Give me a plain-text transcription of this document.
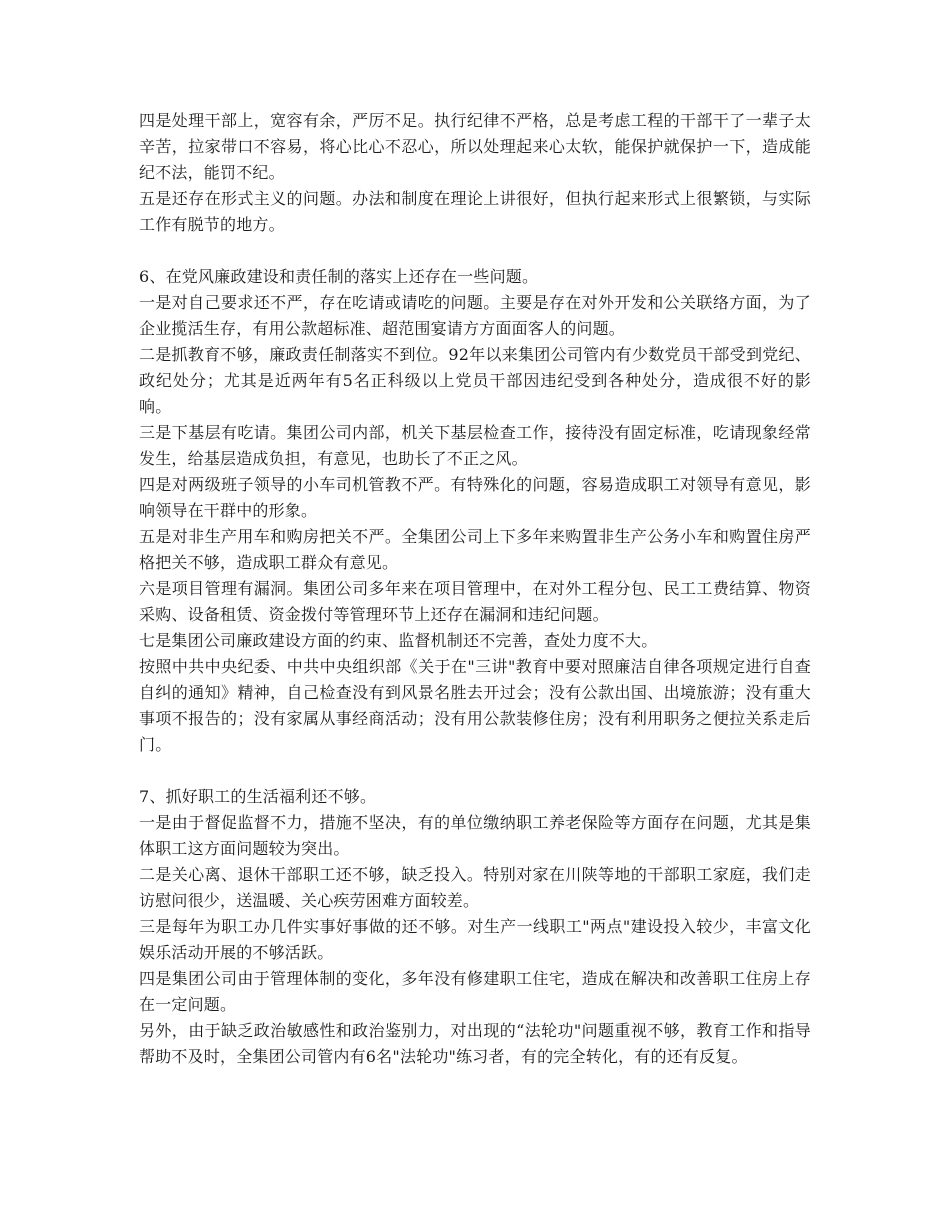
四是处理干部上，宽容有余，严厉不足。执行纪律不严格，总是考虑工程的干部干了一辈子太辛苦，拉家带口不容易，将心比心不忍心，所以处理起来心太软，能保护就保护一下，造成能纪不法，能罚不纪。

五是还存在形式主义的问题。办法和制度在理论上讲很好，但执行起来形式上很繁锁，与实际工作有脱节的地方。

6、在党风廉政建设和责任制的落实上还存在一些问题。

一是对自己要求还不严，存在吃请或请吃的问题。主要是存在对外开发和公关联络方面，为了企业揽活生存，有用公款超标准、超范围宴请方方面面客人的问题。

二是抓教育不够，廉政责任制落实不到位。92年以来集团公司管内有少数党员干部受到党纪、政纪处分；尤其是近两年有5名正科级以上党员干部因违纪受到各种处分，造成很不好的影响。

三是下基层有吃请。集团公司内部，机关下基层检查工作，接待没有固定标准，吃请现象经常发生，给基层造成负担，有意见，也助长了不正之风。

四是对两级班子领导的小车司机管教不严。有特殊化的问题，容易造成职工对领导有意见，影响领导在干群中的形象。

五是对非生产用车和购房把关不严。全集团公司上下多年来购置非生产公务小车和购置住房严格把关不够，造成职工群众有意见。

六是项目管理有漏洞。集团公司多年来在项目管理中，在对外工程分包、民工工费结算、物资采购、设备租赁、资金拨付等管理环节上还存在漏洞和违纪问题。

七是集团公司廉政建设方面的约束、监督机制还不完善，查处力度不大。

按照中共中央纪委、中共中央组织部《关于在"三讲"教育中要对照廉洁自律各项规定进行自查自纠的通知》精神，自己检查没有到风景名胜去开过会；没有公款出国、出境旅游；没有重大事项不报告的；没有家属从事经商活动；没有用公款装修住房；没有利用职务之便拉关系走后门。

7、抓好职工的生活福利还不够。

一是由于督促监督不力，措施不坚决，有的单位缴纳职工养老保险等方面存在问题，尤其是集体职工这方面问题较为突出。

二是关心离、退休干部职工还不够，缺乏投入。特别对家在川陕等地的干部职工家庭，我们走访慰问很少，送温暖、关心疾劳困难方面较差。

三是每年为职工办几件实事好事做的还不够。对生产一线职工"两点"建设投入较少，丰富文化娱乐活动开展的不够活跃。

四是集团公司由于管理体制的变化，多年没有修建职工住宅，造成在解决和改善职工住房上存在一定问题。

另外，由于缺乏政治敏感性和政治鉴别力，对出现的“法轮功"问题重视不够，教育工作和指导帮助不及时，全集团公司管内有6名"法轮功"练习者，有的完全转化，有的还有反复。
